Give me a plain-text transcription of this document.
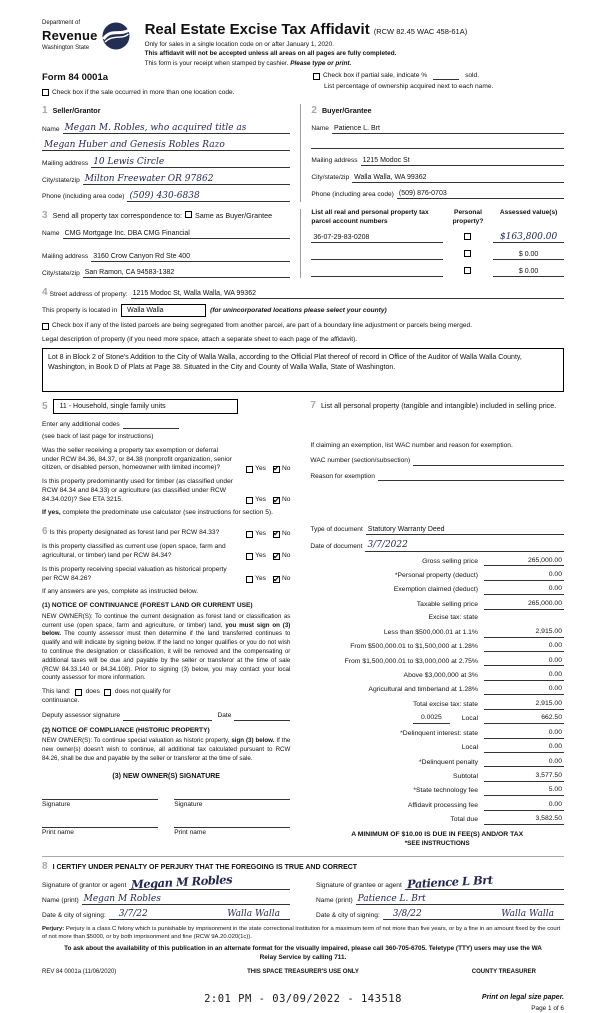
Department of
Revenue
Washington State
Real Estate Excise Tax Affidavit (RCW 82.45 WAC 458-61A)
Only for sales in a single location code on or after January 1, 2020.
This affidavit will not be accepted unless all areas on all pages are fully completed.
This form is your receipt when stamped by cashier. Please type or print.
Form 84 0001a
Check box if the sale occurred in more than one location code.
Check box if partial sale, indicate %	sold.
List percentage of ownership acquired next to each name.
1 Seller/Grantor
Name Megan M. Robles, who acquired title as
Megan Huber and Genesis Robles Razo
Mailing address 10 Lewis Circle
City/state/zip Milton Freewater OR 97862
Phone (including area code) (509) 430-6838
2 Buyer/Grantee
Name Patience L. Brt
Mailing address 1215 Modoc St
City/state/zip Walla Walla, WA 99362
Phone (including area code) (509) 876-0703
3 Send all property tax correspondence to: Same as Buyer/Grantee
Name CMG Mortgage Inc. DBA CMG Financial
Mailing address 3160 Crow Canyon Rd Ste 400
City/state/zip San Ramon, CA 94583-1382
List all real and personal property tax parcel account numbers
Personal property?
Assessed value(s)
36-07-29-83-0208	$163,800.00
$ 0.00
$ 0.00
4 Street address of property: 1215 Modoc St, Walla Walla, WA 99362
This property is located in	Walla Walla	(for unincorporated locations please select your county)
Check box if any of the listed parcels are being segregated from another parcel, are part of a boundary line adjustment or parcels being merged.
Legal description of property (if you need more space, attach a separate sheet to each page of the affidavit).
Lot 8 in Block 2 of Stone's Addition to the City of Walla Walla, according to the Official Plat thereof of record in Office of the Auditor of Walla Walla County, Washington, in Book D of Plats at Page 38. Situated in the City and County of Walla Walla, State of Washington.
5	11 - Household, single family units
Enter any additional codes
(see back of last page for instructions)
Was the seller receiving a property tax exemption or deferral under RCW 84.36, 84.37, or 84.38 (nonprofit organization, senior citizen, or disabled person, homeowner with limited income)?	Yes ✔ No
Is this property predominantly used for timber (as classified under RCW 84.34 and 84.33) or agriculture (as classified under RCW 84.34.020)? See ETA 3215.	Yes ✔ No
If yes, complete the predominate use calculator (see instructions for section 5).
7 List all personal property (tangible and intangible) included in selling price.
If claiming an exemption, list WAC number and reason for exemption.
WAC number (section/subsection)
Reason for exemption
6 Is this property designated as forest land per RCW 84.33?	Yes ✔ No
Is this property classified as current use (open space, farm and agricultural, or timber) land per RCW 84.34?	Yes ✔ No
Is this property receiving special valuation as historical property per RCW 84.26?	Yes ✔ No
If any answers are yes, complete as instructed below.
(1) NOTICE OF CONTINUANCE (FOREST LAND OR CURRENT USE)

NEW OWNER(S): To continue the current designation as forest land or classification as current use (open space, farm and agriculture, or timber) land, you must sign on (3) below. The county assessor must then determine if the land transferred continues to qualify and will indicate by signing below. If the land no longer qualifies or you do not wish to continue the designation or classification, it will be removed and the compensating or additional taxes will be due and payable by the seller or transferor at the time of sale (RCW 84.33.140 or 84.34.108). Prior to signing (3) below, you may contact your local county assessor for more information.

This land: does does not qualify for
continuance.
Deputy assessor signature	Date
(2) NOTICE OF COMPLIANCE (HISTORIC PROPERTY)

NEW OWNER(S): To continue special valuation as historic property, sign (3) below. If the new owner(s) doesn't wish to continue, all additional tax calculated pursuant to RCW 84.26, shall be due and payable by the seller or transferor at the time of sale.

(3) NEW OWNER(S) SIGNATURE
Signature	Signature
Print name	Print name
Type of document Statutory Warranty Deed
Date of document 3/7/2022
Gross selling price	265,000.00
*Personal property (deduct)	0.00
Exemption claimed (deduct)	0.00
Taxable selling price	265,000.00
Excise tax: state
Less than $500,000.01 at 1.1%	2,915.00
From $500,000.01 to $1,500,000 at 1.28%	0.00
From $1,500,000.01 to $3,000,000 at 2.75%	0.00
Above $3,000,000 at 3%	0.00
Agricultural and timberland at 1.28%	0.00
Total excise tax: state	2,915.00
0.0025	Local	662.50
*Delinquent interest: state	0.00
Local	0.00
*Delinquent penalty	0.00
Subtotal	3,577.50
*State technology fee	5.00
Affidavit processing fee	0.00
Total due	3,582.50
A MINIMUM OF $10.00 IS DUE IN FEE(S) AND/OR TAX
*SEE INSTRUCTIONS
8 I CERTIFY UNDER PENALTY OF PERJURY THAT THE FOREGOING IS TRUE AND CORRECT
Signature of grantor or agent Megan M Robles
Name (print) Megan M Robles
Date & city of signing:	3/7/22	Walla Walla
Signature of grantee or agent Patience L Brt
Name (print) Patience L. Brt
Date & city of signing:	3/8/22	Walla Walla
Perjury: Perjury is a class C felony which is punishable by imprisonment in the state correctional institution for a maximum term of not more than five years, or by a fine in an amount fixed by the court of not more than $5000, or by both imprisonment and fine (RCW 9A.20.020(1c)).
To ask about the availability of this publication in an alternate format for the visually impaired, please call 360-705-6705. Teletype (TTY) users may use the WA Relay Service by calling 711.
REV 84 0001a (11/06/2020)	THIS SPACE TREASURER'S USE ONLY	COUNTY TREASURER
2:01 PM - 03/09/2022 - 143518	Print on legal size paper.
Page 1 of 6
